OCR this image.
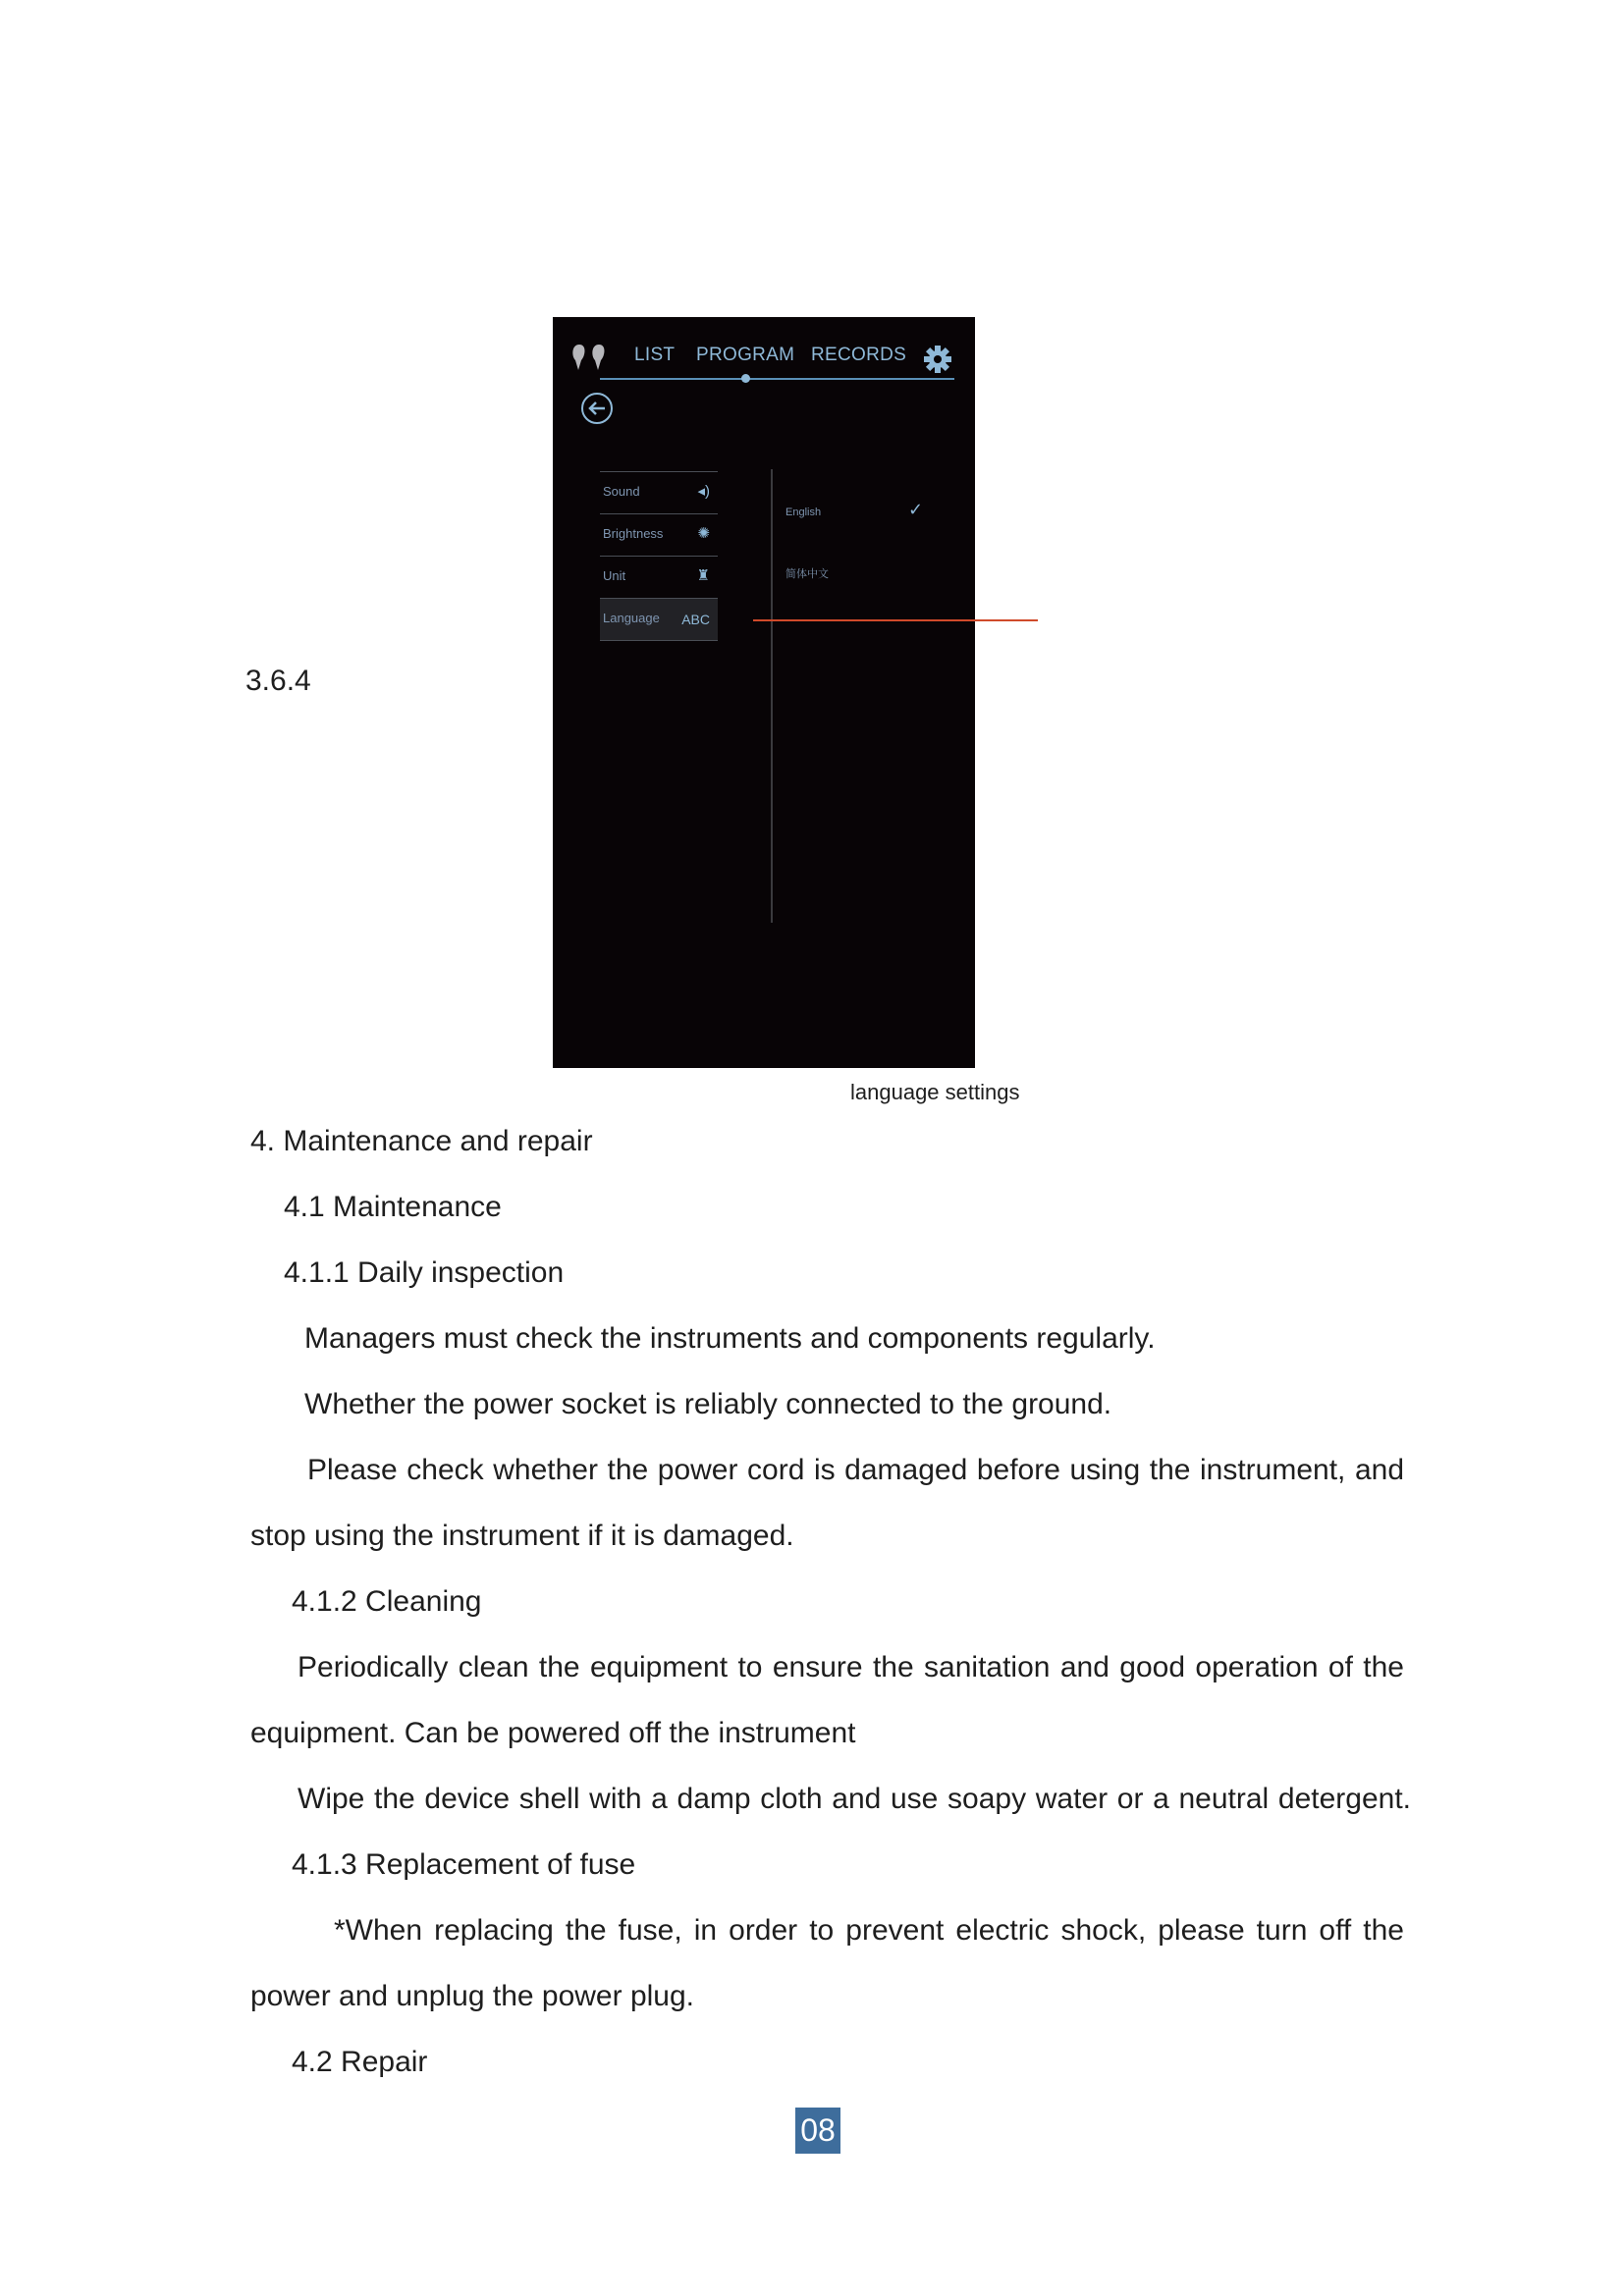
3.6.4
LIST PROGRAM RECORDS
Sound	◂)
Brightness ✺
Unit	♜
Language ABC
English	✓
简体中文
language settings
4. Maintenance and repair
4.1 Maintenance
4.1.1 Daily inspection
Managers must check the instruments and components regularly.
Whether the power socket is reliably connected to the ground.
Please check whether the power cord is damaged before using the instrument, and
stop using the instrument if it is damaged.
4.1.2 Cleaning
Periodically clean the equipment to ensure the sanitation and good operation of the
equipment. Can be powered off the instrument
Wipe the device shell with a damp cloth and use soapy water or a neutral detergent.
4.1.3 Replacement of fuse
*When replacing the fuse, in order to prevent electric shock, please turn off the
power and unplug the power plug.
4.2 Repair
08
